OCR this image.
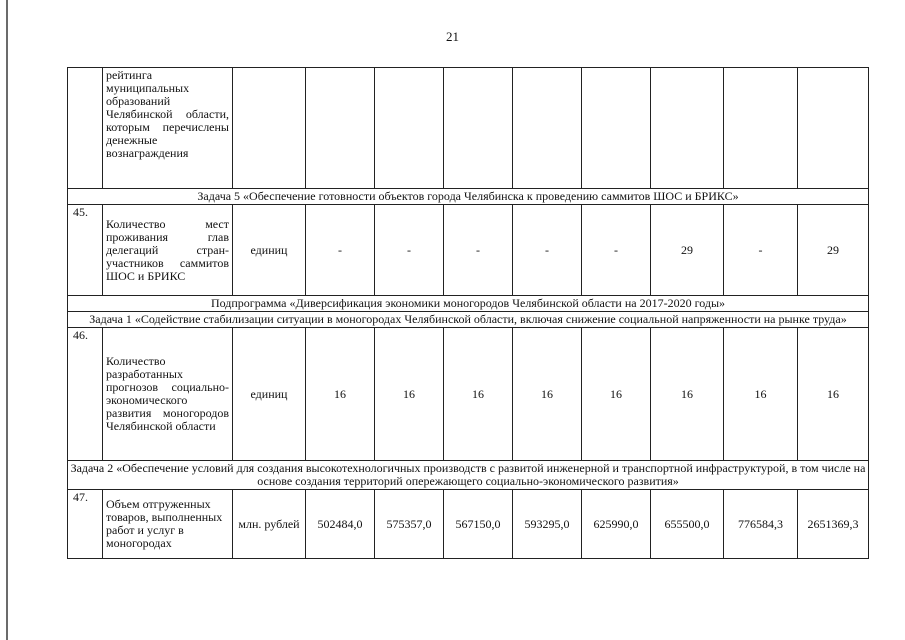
21
	рейтинга муниципальных образований Челябинской области, которым перечислены денежные вознаграждения									
Задача 5 «Обеспечение готовности объектов города Челябинска к проведению саммитов ШОС и БРИКС»										
45.	Количество мест проживания глав делегаций стран-участников саммитов ШОС и БРИКС	единиц	-	-	-	-	-	29	-	29
Подпрограмма «Диверсификация экономики моногородов Челябинской области на 2017-2020 годы»										
Задача 1 «Содействие стабилизации ситуации в моногородах Челябинской области, включая снижение социальной напряженности на рынке труда»										
46.	Количество разработанных прогнозов социально-экономического развития моногородов Челябинской области	единиц	16	16	16	16	16	16	16	16
Задача 2 «Обеспечение условий для создания высокотехнологичных производств с развитой инженерной и транспортной инфраструктурой, в том числе на основе создания территорий опережающего социально-экономического развития»										
47.	Объем отгруженных товаров, выполненных работ и услуг в моногородах	млн. рублей	502484,0	575357,0	567150,0	593295,0	625990,0	655500,0	776584,3	2651369,3
